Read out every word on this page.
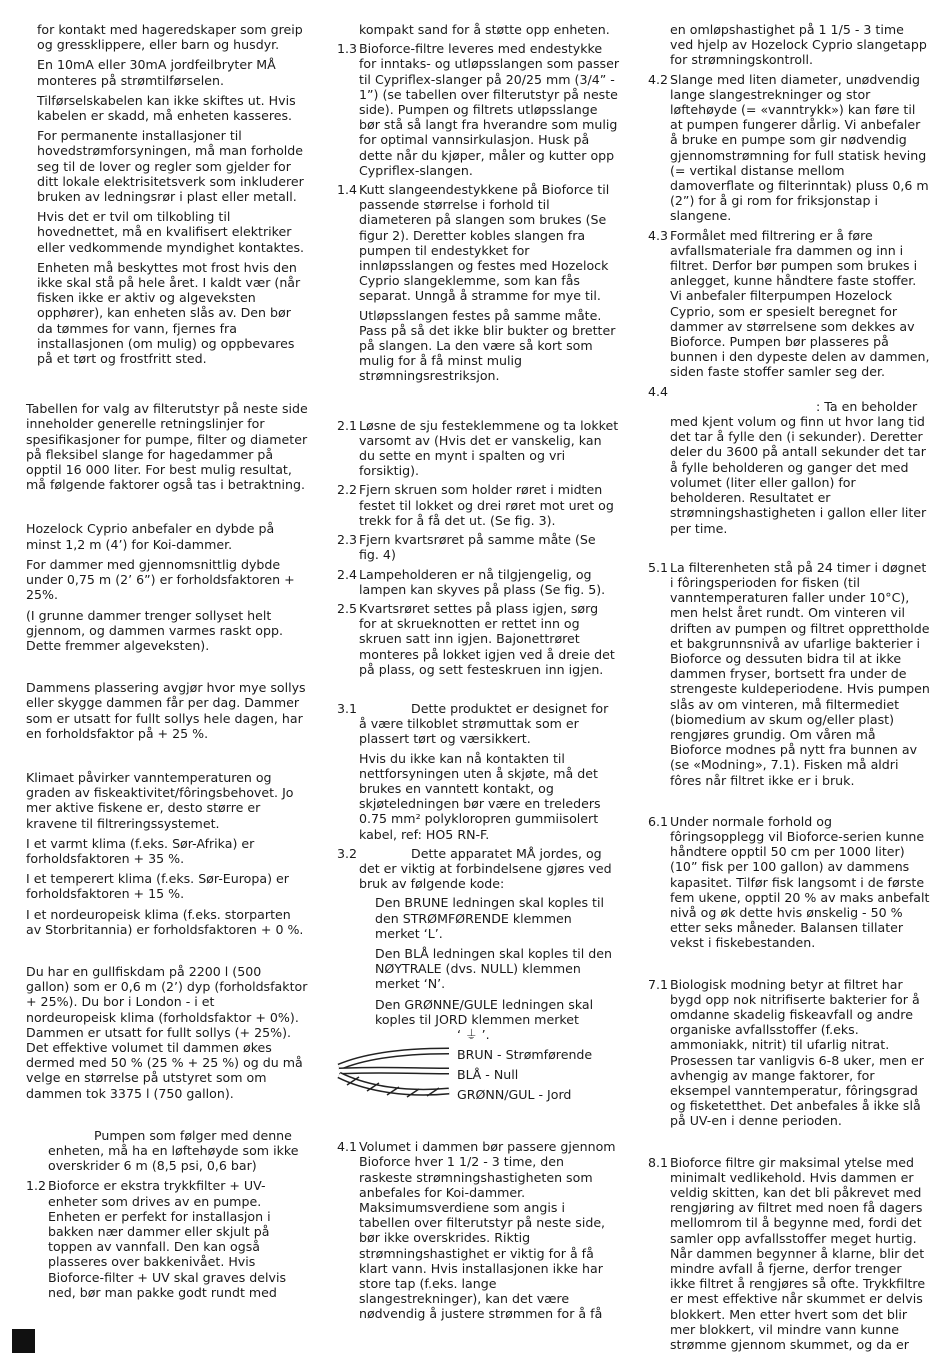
for kontakt med hageredskaper som greip og gressklippere, eller barn og husdyr.
En 10mA eller 30mA jordfeilbryter MÅ monteres på strømtilførselen.
Tilførselskabelen kan ikke skiftes ut. Hvis kabelen er skadd, må enheten kasseres.
For permanente installasjoner til hovedstrømforsyningen, må man forholde seg til de lover og regler som gjelder for ditt lokale elektrisitetsverk som inkluderer bruken av ledningsrør i plast eller metall.
Hvis det er tvil om tilkobling til hovednettet, må en kvalifisert elektriker eller vedkommende myndighet kontaktes.
Enheten må beskyttes mot frost hvis den ikke skal stå på hele året. I kaldt vær (når fisken ikke er aktiv og algeveksten opphører), kan enheten slås av. Den bør da tømmes for vann, fjernes fra installasjonen (om mulig) og oppbevares på et tørt og frostfritt sted.
Tabellen for valg av filterutstyr på neste side inneholder generelle retningslinjer for spesifikasjoner for pumpe, filter og diameter på fleksibel slange for hagedammer på opptil 16 000 liter. For best mulig resultat, må følgende faktorer også tas i betraktning.
Hozelock Cyprio anbefaler en dybde på minst 1,2 m (4’) for Koi-dammer.
For dammer med gjennomsnittlig dybde under 0,75 m (2’ 6”) er forholdsfaktoren + 25%.
(I grunne dammer trenger sollyset helt gjennom, og dammen varmes raskt opp. Dette fremmer algeveksten).
Dammens plassering avgjør hvor mye sollys eller skygge dammen får per dag. Dammer som er utsatt for fullt sollys hele dagen, har en forholdsfaktor på + 25 %.
Klimaet påvirker vanntemperaturen og graden av fiskeaktivitet/fôringsbehovet. Jo mer aktive fiskene er, desto større er kravene til filtreringssystemet.
I et varmt klima (f.eks. Sør-Afrika) er forholdsfaktoren + 35 %.
I et temperert klima (f.eks. Sør-Europa) er forholdsfaktoren + 15 %.
I et nordeuropeisk klima (f.eks. storparten av Storbritannia) er forholdsfaktoren + 0 %.
Du har en gullfiskdam på 2200 l (500 gallon) som er 0,6 m (2’) dyp (forholdsfaktor + 25%). Du bor i London - i et nordeuropeisk klima (forholdsfaktor + 0%). Dammen er utsatt for fullt sollys (+ 25%). Det effektive volumet til dammen økes dermed med 50 % (25 % + 25 %) og du må velge en størrelse på utstyret som om dammen tok 3375 l (750 gallon).
Pumpen som følger med denne enheten, må ha en løftehøyde som ikke overskrider 6 m (8,5 psi, 0,6 bar)
1.2 Bioforce er ekstra trykkfilter + UV-enheter som drives av en pumpe. Enheten er perfekt for installasjon i bakken nær dammer eller skjult på toppen av vannfall. Den kan også plasseres over bakkenivået. Hvis Bioforce-filter + UV skal graves delvis ned, bør man pakke godt rundt med
kompakt sand for å støtte opp enheten.
1.3 Bioforce-filtre leveres med endestykke for inntaks- og utløpsslangen som passer til Cypriflex-slanger på 20/25 mm (3/4” - 1”) (se tabellen over filterutstyr på neste side). Pumpen og filtrets utløpsslange bør stå så langt fra hverandre som mulig for optimal vannsirkulasjon. Husk på dette når du kjøper, måler og kutter opp Cypriflex-slangen.
1.4 Kutt slangeendestykkene på Bioforce til passende størrelse i forhold til diameteren på slangen som brukes (Se figur 2). Deretter kobles slangen fra pumpen til endestykket for innløpsslangen og festes med Hozelock Cyprio slangeklemme, som kan fås separat. Unngå å stramme for mye til.
Utløpsslangen festes på samme måte. Pass på så det ikke blir bukter og bretter på slangen. La den være så kort som mulig for å få minst mulig strømningsrestriksjon.
2.1 Løsne de sju festeklemmene og ta lokket varsomt av (Hvis det er vanskelig, kan du sette en mynt i spalten og vri forsiktig).
2.2 Fjern skruen som holder røret i midten festet til lokket og drei røret mot uret og trekk for å få det ut. (Se fig. 3).
2.3 Fjern kvartsrøret på samme måte (Se fig. 4)
2.4 Lampeholderen er nå tilgjengelig, og lampen kan skyves på plass (Se fig. 5).
2.5 Kvartsrøret settes på plass igjen, sørg for at skrueknotten er rettet inn og skruen satt inn igjen. Bajonettrøret monteres på lokket igjen ved å dreie det på plass, og sett festeskruen inn igjen.
3.1	Dette produktet er designet for å være tilkoblet strømuttak som er plassert tørt og værsikkert.
Hvis du ikke kan nå kontakten til nettforsyningen uten å skjøte, må det brukes en vanntett kontakt, og skjøteledningen bør være en treleders 0.75 mm² polykloropren gummiisolert kabel, ref: HO5 RN-F.
3.2	Dette apparatet MÅ jordes, og det er viktig at forbindelsene gjøres ved bruk av følgende kode:
Den BRUNE ledningen skal koples til den STRØMFØRENDE klemmen merket ‘L’.
Den BLÅ ledningen skal koples til den NØYTRALE (dvs. NULL) klemmen merket ‘N’.
Den GRØNNE/GULE ledningen skal koples til JORD klemmen merket
‘ ⏚ ’.
BRUN - Strømførende
BLÅ - Null
GRØNN/GUL - Jord
4.1 Volumet i dammen bør passere gjennom Bioforce hver 1 1/2 - 3 time, den raskeste strømningshastigheten som anbefales for Koi-dammer. Maksimumsverdiene som angis i tabellen over filterutstyr på neste side, bør ikke overskrides. Riktig strømningshastighet er viktig for å få klart vann. Hvis installasjonen ikke har store tap (f.eks. lange slangestrekninger), kan det være nødvendig å justere strømmen for å få
en omløpshastighet på 1 1/5 - 3 time ved hjelp av Hozelock Cyprio slangetapp for strømningskontroll.
4.2 Slange med liten diameter, unødvendig lange slangestrekninger og stor løftehøyde (= «vanntrykk») kan føre til at pumpen fungerer dårlig. Vi anbefaler å bruke en pumpe som gir nødvendig gjennomstrømning for full statisk heving (= vertikal distanse mellom damoverflate og filterinntak) pluss 0,6 m (2”) for å gi rom for friksjonstap i slangene.
4.3 Formålet med filtrering er å føre avfallsmateriale fra dammen og inn i filtret. Derfor bør pumpen som brukes i anlegget, kunne håndtere faste stoffer. Vi anbefaler filterpumpen Hozelock Cyprio, som er spesielt beregnet for dammer av størrelsene som dekkes av Bioforce. Pumpen bør plasseres på bunnen i den dypeste delen av dammen, siden faste stoffer samler seg der.
4.4
: Ta en beholder
med kjent volum og finn ut hvor lang tid det tar å fylle den (i sekunder). Deretter deler du 3600 på antall sekunder det tar å fylle beholderen og ganger det med volumet (liter eller gallon) for beholderen. Resultatet er strømningshastigheten i gallon eller liter per time.
5.1 La filterenheten stå på 24 timer i døgnet i fôringsperioden for fisken (til vanntemperaturen faller under 10°C), men helst året rundt. Om vinteren vil driften av pumpen og filtret opprettholde et bakgrunnsnivå av ufarlige bakterier i Bioforce og dessuten bidra til at ikke dammen fryser, bortsett fra under de strengeste kuldeperiodene. Hvis pumpen slås av om vinteren, må filtermediet (biomedium av skum og/eller plast) rengjøres grundig. Om våren må Bioforce modnes på nytt fra bunnen av (se «Modning», 7.1). Fisken må aldri fôres når filtret ikke er i bruk.
6.1 Under normale forhold og fôringsopplegg vil Bioforce-serien kunne håndtere opptil 50 cm per 1000 liter) (10” fisk per 100 gallon) av dammens kapasitet. Tilfør fisk langsomt i de første fem ukene, opptil 20 % av maks anbefalt nivå og øk dette hvis ønskelig - 50 % etter seks måneder. Balansen tillater vekst i fiskebestanden.
7.1 Biologisk modning betyr at filtret har bygd opp nok nitrifiserte bakterier for å omdanne skadelig fiskeavfall og andre organiske avfallsstoffer (f.eks. ammoniakk, nitrit) til ufarlig nitrat. Prosessen tar vanligvis 6-8 uker, men er avhengig av mange faktorer, for eksempel vanntemperatur, fôringsgrad og fisketetthet. Det anbefales å ikke slå på UV-en i denne perioden.
8.1 Bioforce filtre gir maksimal ytelse med minimalt vedlikehold. Hvis dammen er veldig skitten, kan det bli påkrevet med rengjøring av filtret med noen få dagers mellomrom til å begynne med, fordi det samler opp avfallsstoffer meget hurtig. Når dammen begynner å klarne, blir det mindre avfall å fjerne, derfor trenger ikke filtret å rengjøres så ofte. Trykkfiltre er mest effektive når skummet er delvis blokkert. Men etter hvert som det blir mer blokkert, vil mindre vann kunne strømme gjennom skummet, og da er
